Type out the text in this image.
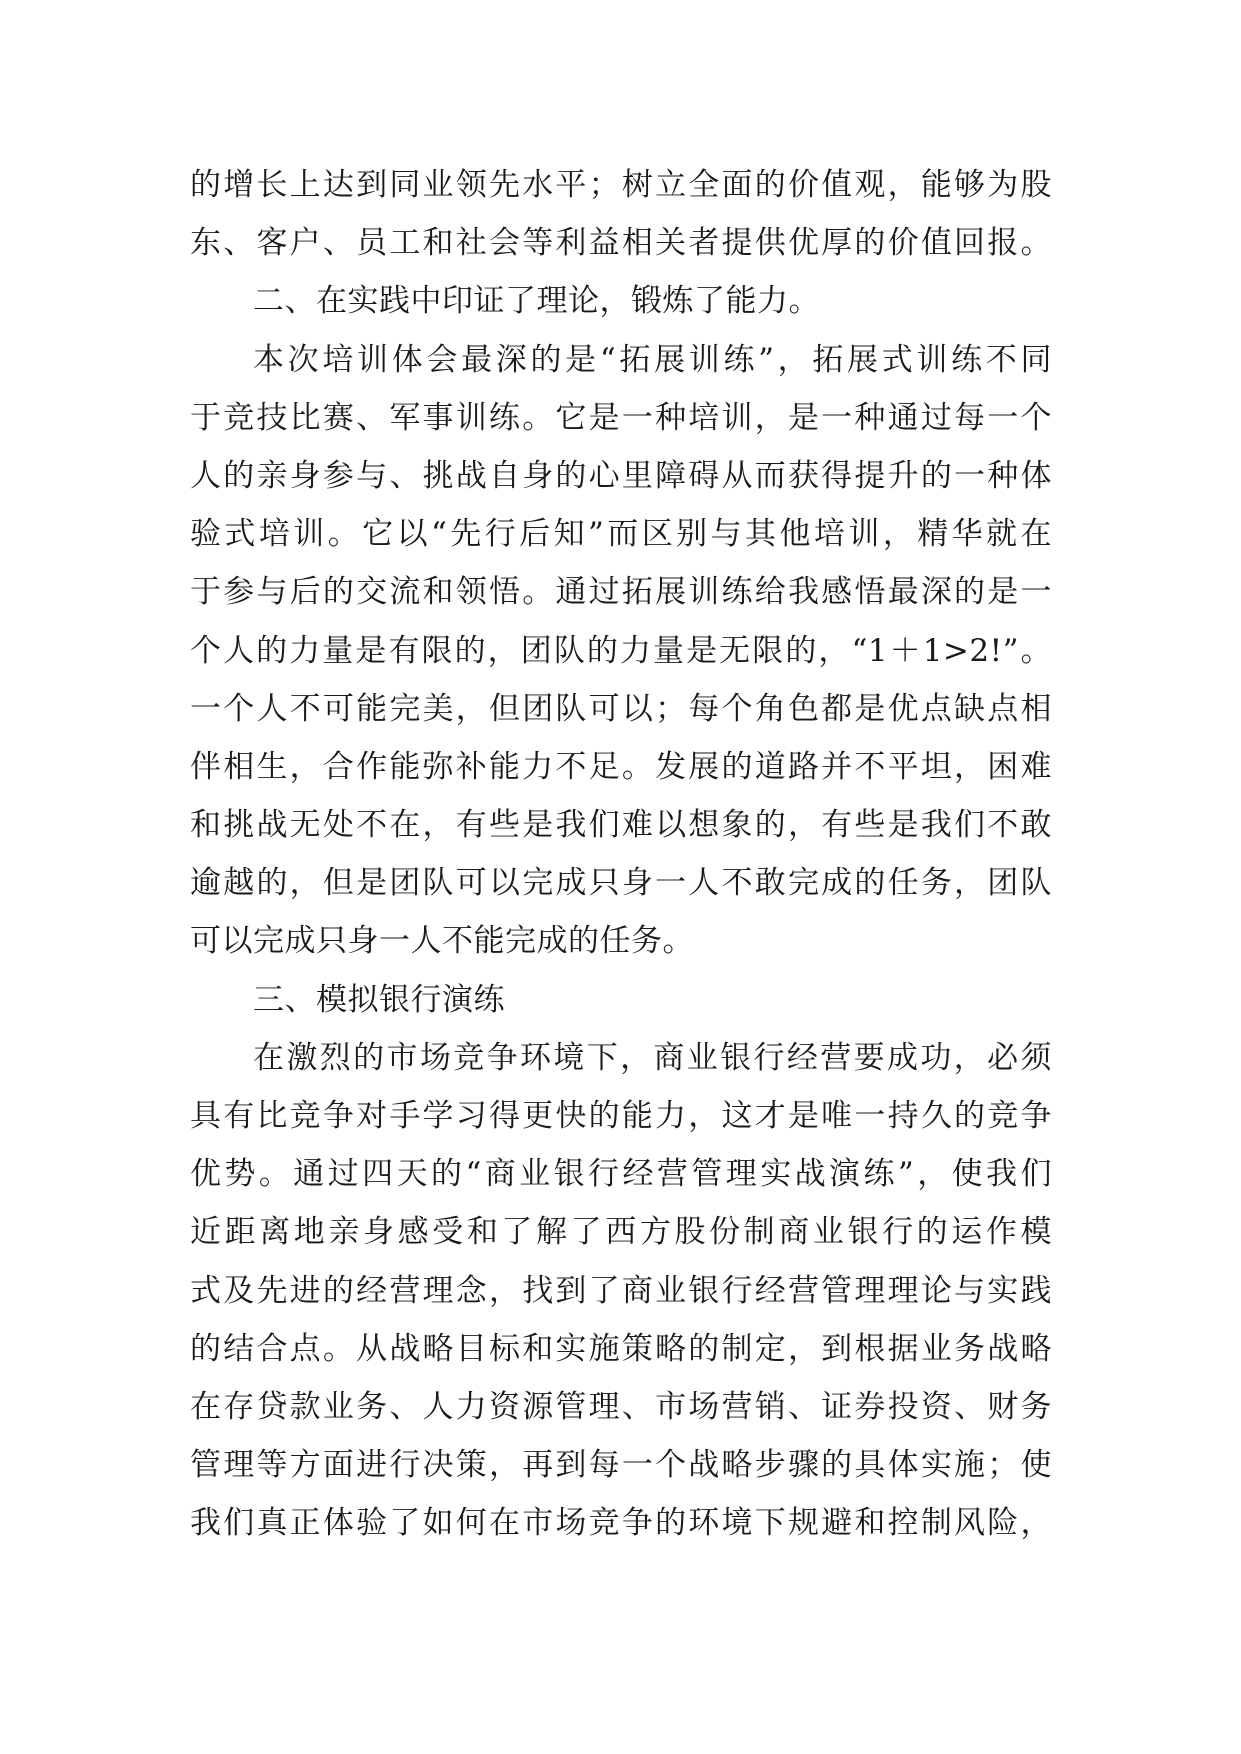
的增长上达到同业领先水平；树立全面的价值观，能够为股
东、客户、员工和社会等利益相关者提供优厚的价值回报。
二、在实践中印证了理论，锻炼了能力。
本次培训体会最深的是“拓展训练”，拓展式训练不同
于竞技比赛、军事训练。它是一种培训，是一种通过每一个
人的亲身参与、挑战自身的心里障碍从而获得提升的一种体
验式培训。它以“先行后知”而区别与其他培训，精华就在
于参与后的交流和领悟。通过拓展训练给我感悟最深的是一
个人的力量是有限的，团队的力量是无限的，“1＋1>2!”。
一个人不可能完美，但团队可以；每个角色都是优点缺点相
伴相生，合作能弥补能力不足。发展的道路并不平坦，困难
和挑战无处不在，有些是我们难以想象的，有些是我们不敢
逾越的，但是团队可以完成只身一人不敢完成的任务，团队
可以完成只身一人不能完成的任务。
三、模拟银行演练
在激烈的市场竞争环境下，商业银行经营要成功，必须
具有比竞争对手学习得更快的能力，这才是唯一持久的竞争
优势。通过四天的“商业银行经营管理实战演练”，使我们
近距离地亲身感受和了解了西方股份制商业银行的运作模
式及先进的经营理念，找到了商业银行经营管理理论与实践
的结合点。从战略目标和实施策略的制定，到根据业务战略
在存贷款业务、人力资源管理、市场营销、证券投资、财务
管理等方面进行决策，再到每一个战略步骤的具体实施；使
我们真正体验了如何在市场竞争的环境下规避和控制风险，
